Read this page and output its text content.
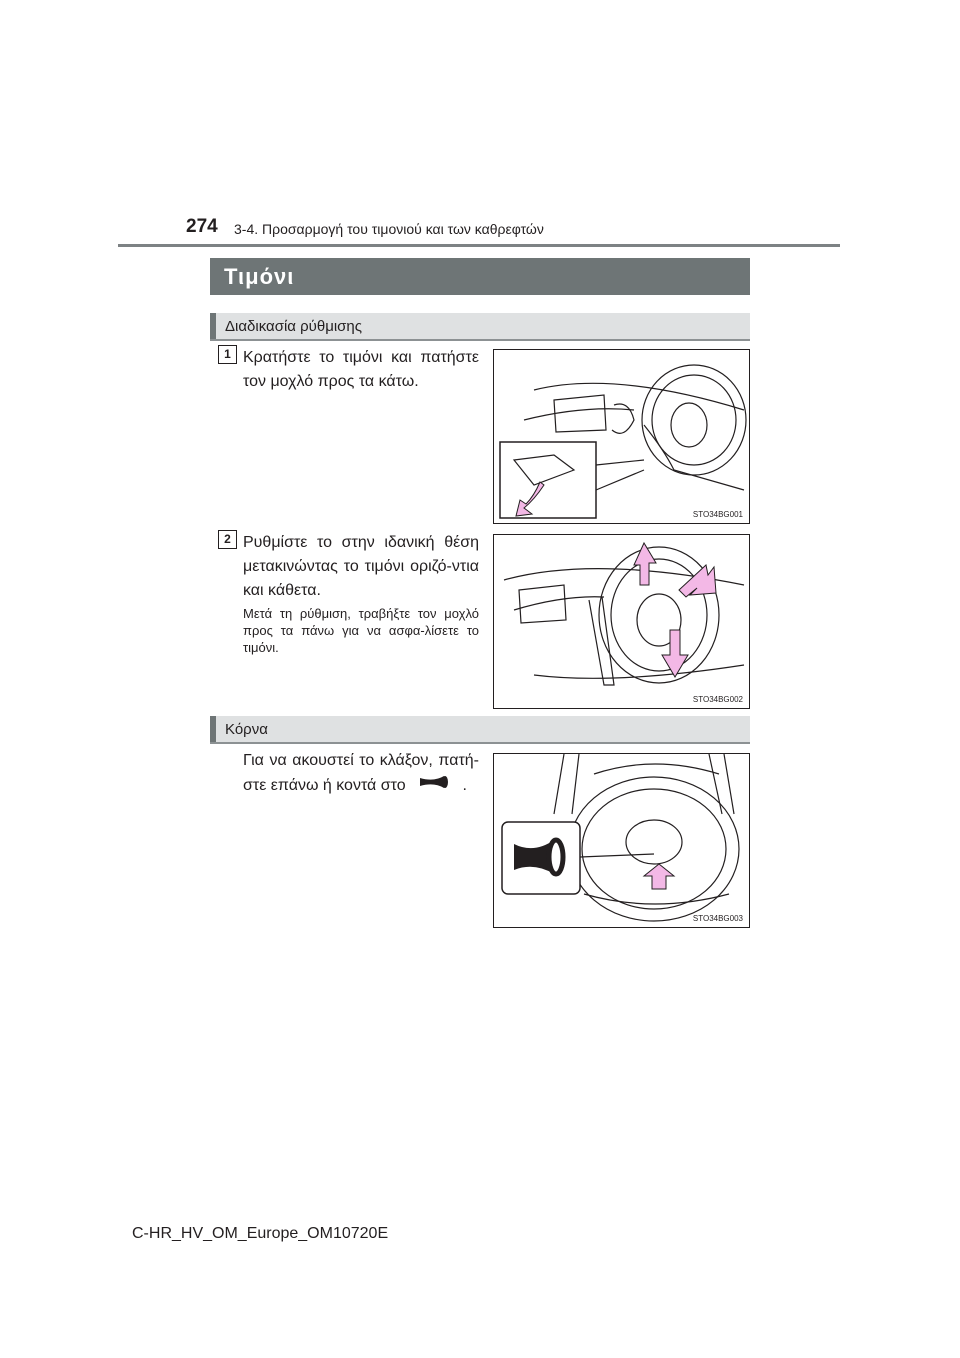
274 3-4. Προσαρμογή του τιμονιού και των καθρεφτών
Τιμόνι
Διαδικασία ρύθμισης
1 Κρατήστε το τιμόνι και πατήστε τον μοχλό προς τα κάτω.
STO34BG001
2 Ρυθμίστε το στην ιδανική θέση μετακινώντας το τιμόνι οριζό-ντια και κάθετα.
Μετά τη ρύθμιση, τραβήξτε τον μοχλό προς τα πάνω για να ασφα-λίσετε το τιμόνι.
STO34BG002
Κόρνα
Για να ακουστεί το κλάξον, πατή-στε επάνω ή κοντά στο	.
STO34BG003
C-HR_HV_OM_Europe_OM10720E
